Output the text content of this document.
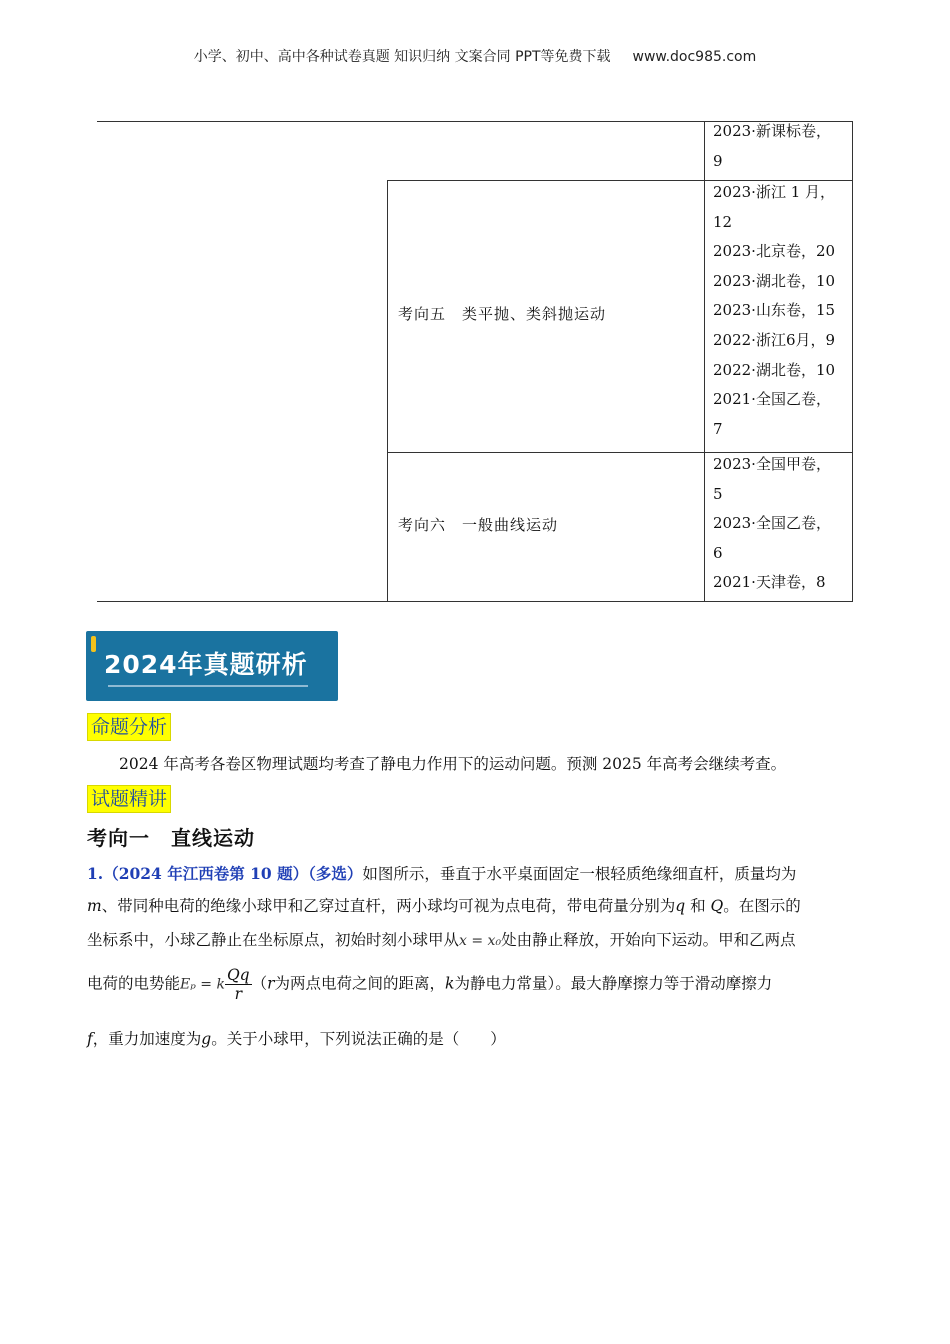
小学、初中、高中各种试卷真题 知识归纳 文案合同 PPT等免费下载 www.doc985.com
2023·新课标卷，
9
考向五　类平抛、类斜抛运动
2023·浙江 1 月，
12
2023·北京卷，20
2023·湖北卷，10
2023·山东卷，15
2022·浙江6月，9
2022·湖北卷，10
2021·全国乙卷，
7
考向六　一般曲线运动
2023·全国甲卷，
5
2023·全国乙卷，
6
2021·天津卷，8
2024年真题研析
命题分析
2024 年高考各卷区物理试题均考查了静电力作用下的运动问题。预测 2025 年高考会继续考查。
试题精讲
考向一　直线运动
1.（2024 年江西卷第 10 题）（多选）如图所示，垂直于水平桌面固定一根轻质绝缘细直杆，质量均为
m、带同种电荷的绝缘小球甲和乙穿过直杆，两小球均可视为点电荷，带电荷量分别为q 和 Q。在图示的
坐标系中，小球乙静止在坐标原点，初始时刻小球甲从x = x₀处由静止释放，开始向下运动。甲和乙两点
电荷的电势能Eₚ = k $\frac{Qq}{r} (r$为两点电荷之间的距离，k为静电力常量）。最大静摩擦力等于滑动摩擦力
f，重力加速度为g。关于小球甲，下列说法正确的是（　　）
